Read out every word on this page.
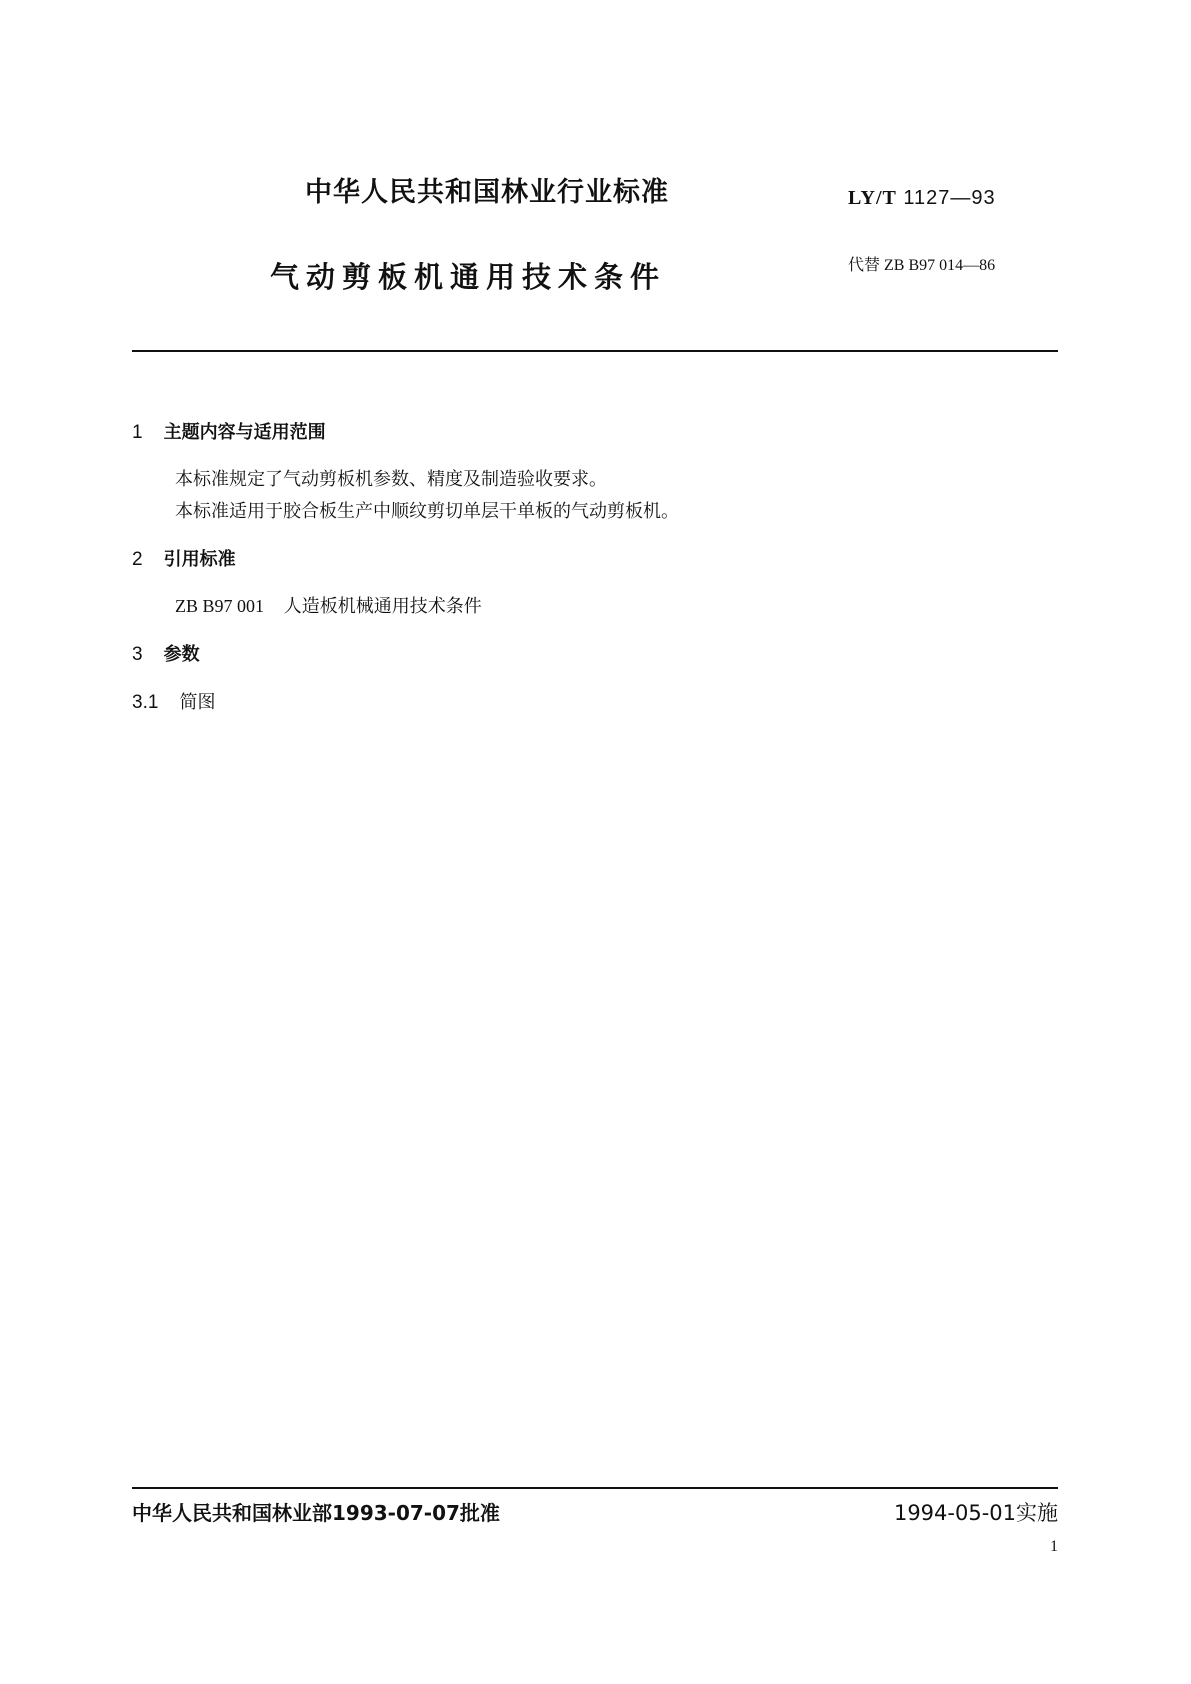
中华人民共和国林业行业标准	LY/T 1127—93
气动剪板机通用技术条件	代替 ZB B97 014—86
1 主题内容与适用范围
本标准规定了气动剪板机参数、精度及制造验收要求。
本标准适用于胶合板生产中顺纹剪切单层干单板的气动剪板机。
2 引用标准
ZB B97 001 人造板机械通用技术条件
3 参数
3.1 简图
中华人民共和国林业部1993-07-07批准	1994-05-01实施
1
